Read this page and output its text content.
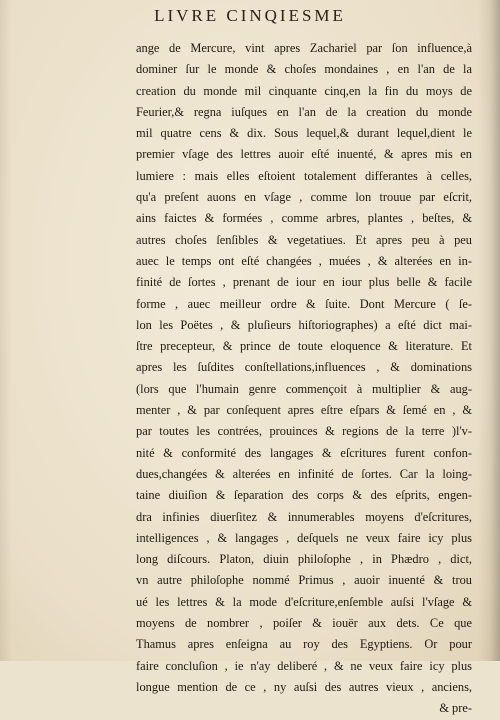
LIVRE CINQIESME
ange de Mercure, vint apres Zachariel par ſon influence,à
dominer ſur le monde & choſes mondaines , en l'an de la
creation du monde mil cinquante cinq,en la fin du moys de
Feurier,& regna iuſques en l'an de la creation du monde
mil quatre cens & dix. Sous lequel,& durant lequel,dient le
premier vſage des lettres auoir eſté inuenté, & apres mis en
lumiere : mais elles eſtoient totalement differantes à celles,
qu'a preſent auons en vſage , comme lon trouue par eſcrit,
ains faictes & formées , comme arbres, plantes , beſtes, &
autres choſes ſenſibles & vegetatiues. Et apres peu à peu
auec le temps ont eſté changées , muées , & alterées en in-
finité de ſortes , prenant de iour en iour plus belle & facile
forme , auec meilleur ordre & ſuite. Dont Mercure ( ſe-
lon les Poëtes , & pluſieurs hiſtoriographes) a eſté dict mai-
ſtre precepteur, & prince de toute eloquence & literature. Et
apres les ſuſdites conſtellations,influences , & dominations
(lors que l'humain genre commençoit à multiplier & aug-
menter , & par conſequent apres eſtre eſpars & ſemé en , &
par toutes les contrées, prouinces & regions de la terre )l'v-
nité & conformité des langages & eſcritures furent confon-
dues,changées & alterées en infinité de ſortes. Car la loing-
taine diuiſion & ſeparation des corps & des eſprits, engen-
dra infinies diuerſitez & innumerables moyens d'eſcritures,
intelligences , & langages , deſquels ne veux faire icy plus
long diſcours. Platon, diuin philoſophe , in Phædro , dict,
vn autre philoſophe nommé Primus , auoir inuenté & trou
ué les lettres & la mode d'eſcriture,enſemble auſsi l'vſage &
moyens de nombrer , poiſer & iouër aux dets. Ce que
Thamus apres enſeigna au roy des Egyptiens. Or pour
faire concluſion , ie n'ay deliberé , & ne veux faire icy plus
longue mention de ce , ny auſsi des autres vieux , anciens,
& pre-
